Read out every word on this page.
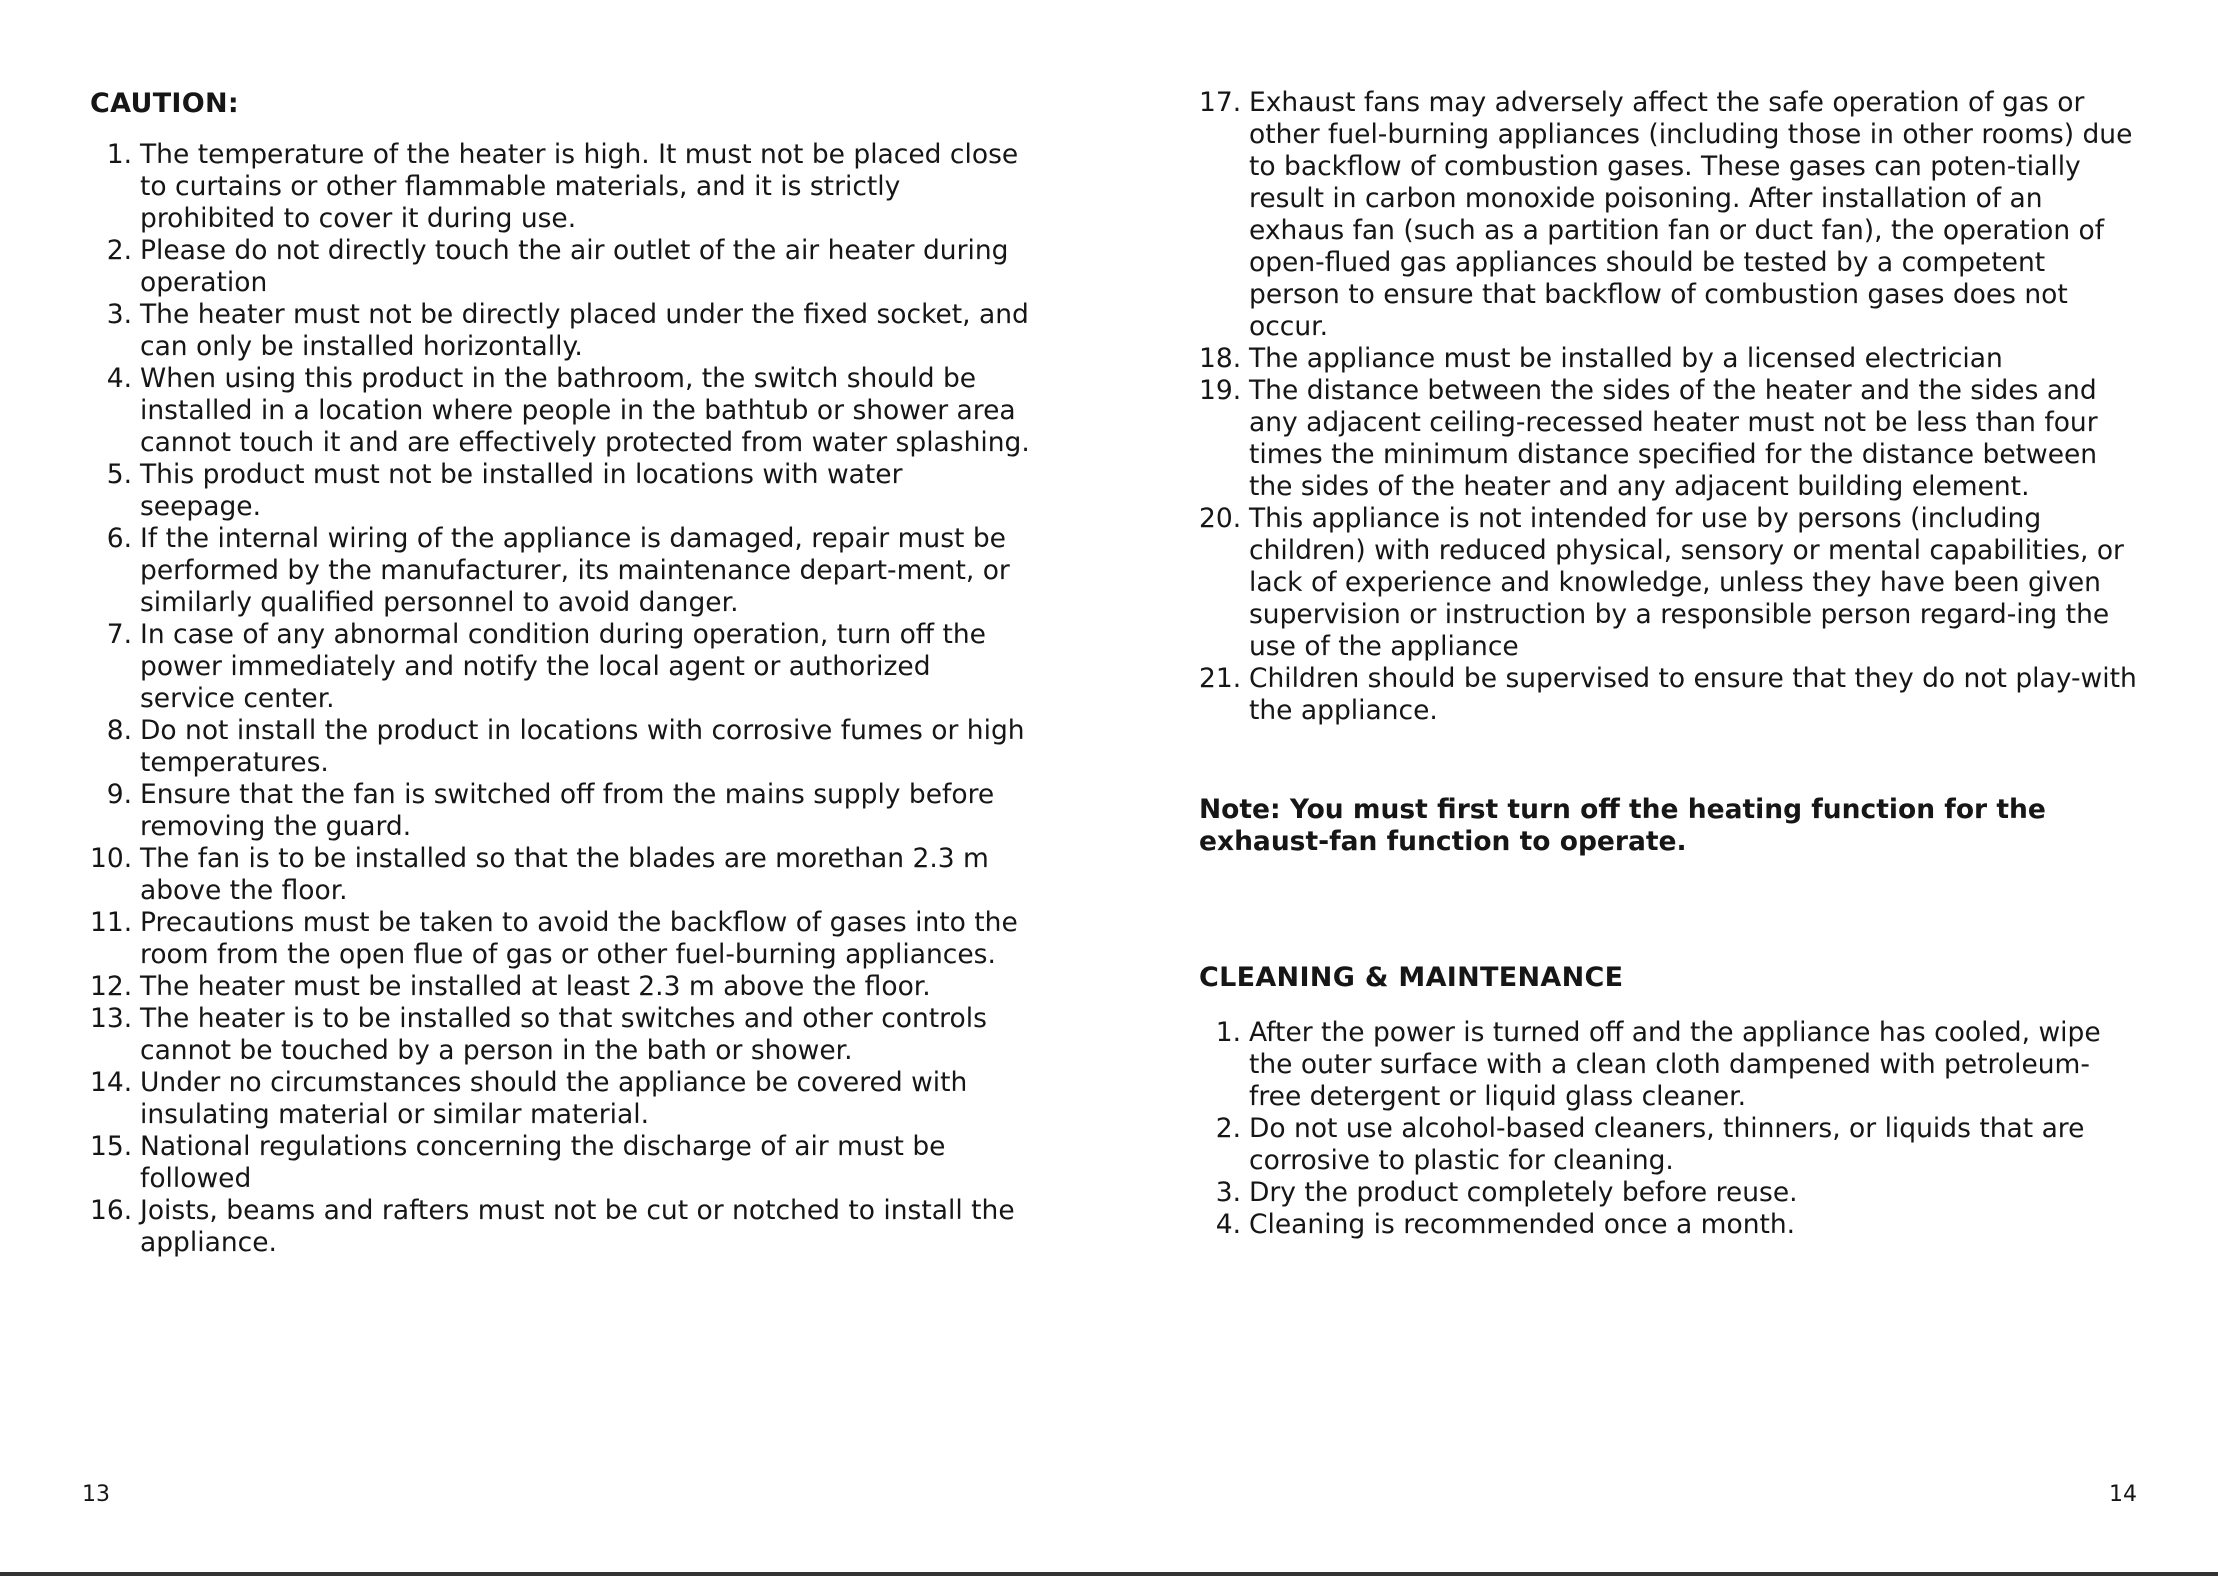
CAUTION:
1. The temperature of the heater is high. It must not be placed close to curtains or other flammable materials, and it is strictly prohibited to cover it during use.
2. Please do not directly touch the air outlet of the air heater during operation
3. The heater must not be directly placed under the fixed socket, and can only be installed horizontally.
4. When using this product in the bathroom, the switch should be installed in a location where people in the bathtub or shower area cannot touch it and are effectively protected from water splashing.
5. This product must not be installed in locations with water seepage.
6. If the internal wiring of the appliance is damaged, repair must be performed by the manufacturer, its maintenance depart-ment, or similarly qualified personnel to avoid danger.
7. In case of any abnormal condition during operation, turn off the power immediately and notify the local agent or authorized service center.
8. Do not install the product in locations with corrosive fumes or high temperatures.
9. Ensure that the fan is switched off from the mains supply before removing the guard.
10. The fan is to be installed so that the blades are morethan 2.3 m above the floor.
11. Precautions must be taken to avoid the backflow of gases into the room from the open flue of gas or other fuel-burning appliances.
12. The heater must be installed at least 2.3 m above the floor.
13. The heater is to be installed so that switches and other controls cannot be touched by a person in the bath or shower.
14. Under no circumstances should the appliance be covered with insulating material or similar material.
15. National regulations concerning the discharge of air must be followed
16. Joists, beams and rafters must not be cut or notched to install the appliance.
13
17. Exhaust fans may adversely affect the safe operation of gas or other fuel-burning appliances (including those in other rooms) due to backflow of combustion gases. These gases can poten-tially result in carbon monoxide poisoning. After installation of an exhaus fan (such as a partition fan or duct fan), the operation of open-flued gas appliances should be tested by a competent person to ensure that backflow of combustion gases does not occur.
18. The appliance must be installed by a licensed electrician
19. The distance between the sides of the heater and the sides and any adjacent ceiling-recessed heater must not be less than four times the minimum distance specified for the distance between the sides of the heater and any adjacent building element.
20. This appliance is not intended for use by persons (including children) with reduced physical, sensory or mental capabilities, or lack of experience and knowledge, unless they have been given supervision or instruction by a responsible person regard-ing the use of the appliance
21. Children should be supervised to ensure that they do not play-with the appliance.

Note: You must first turn off the heating function for the exhaust-fan function to operate.

CLEANING & MAINTENANCE
1. After the power is turned off and the appliance has cooled, wipe the outer surface with a clean cloth dampened with petroleum-free detergent or liquid glass cleaner.
2. Do not use alcohol-based cleaners, thinners, or liquids that are corrosive to plastic for cleaning.
3. Dry the product completely before reuse.
4. Cleaning is recommended once a month.
14
